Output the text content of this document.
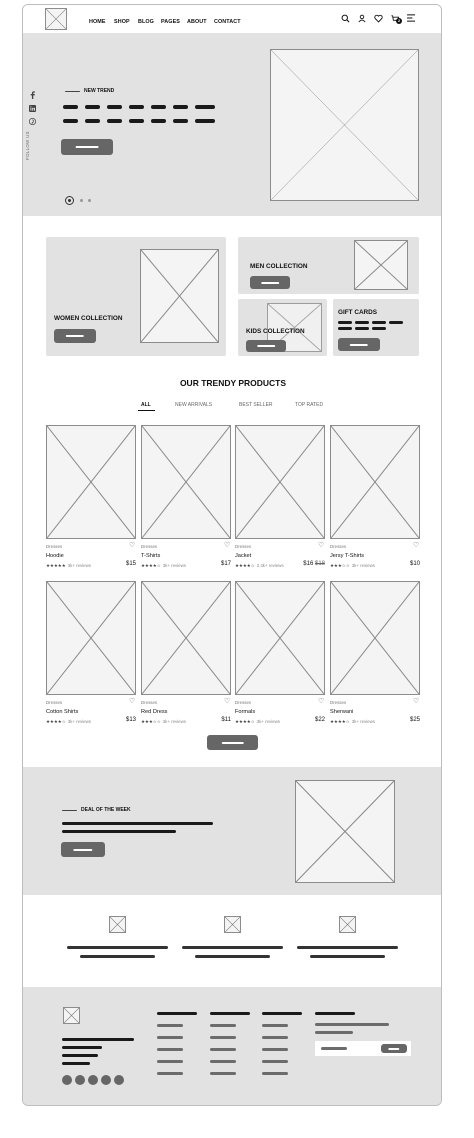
HOME SHOP BLOG PAGES ABOUT CONTACT	2
FOLLOW US
NEW TREND
WOMEN COLLECTION
MEN COLLECTION
KIDS COLLECTION
GIFT CARDS
OUR TRENDY PRODUCTS
ALL	NEW ARRIVALS	BEST SELLER	TOP RATED
Dresses	♡
Hoodie
★★★★★ 3k+ reviews	$15
Dresses	♡
T-Shirts
★★★★☆ 3k+ reviews	$17
Dresses	♡
Jacket
★★★★☆ 2.3k+ reviews	$16 $18
Dresses	♡
Jersy T-Shirts
★★★☆☆ 3k+ reviews	$10
Dresses	♡
Cotton Shirts
★★★★☆ 3k+ reviews	$13
Dresses	♡
Red Dress
★★★☆☆ 3k+ reviews	$11
Dresses	♡
Formals
★★★★☆ 3k+ reviews	$22
Dresses	♡
Sherwani
★★★★☆ 3k+ reviews	$25
DEAL OF THE WEEK
